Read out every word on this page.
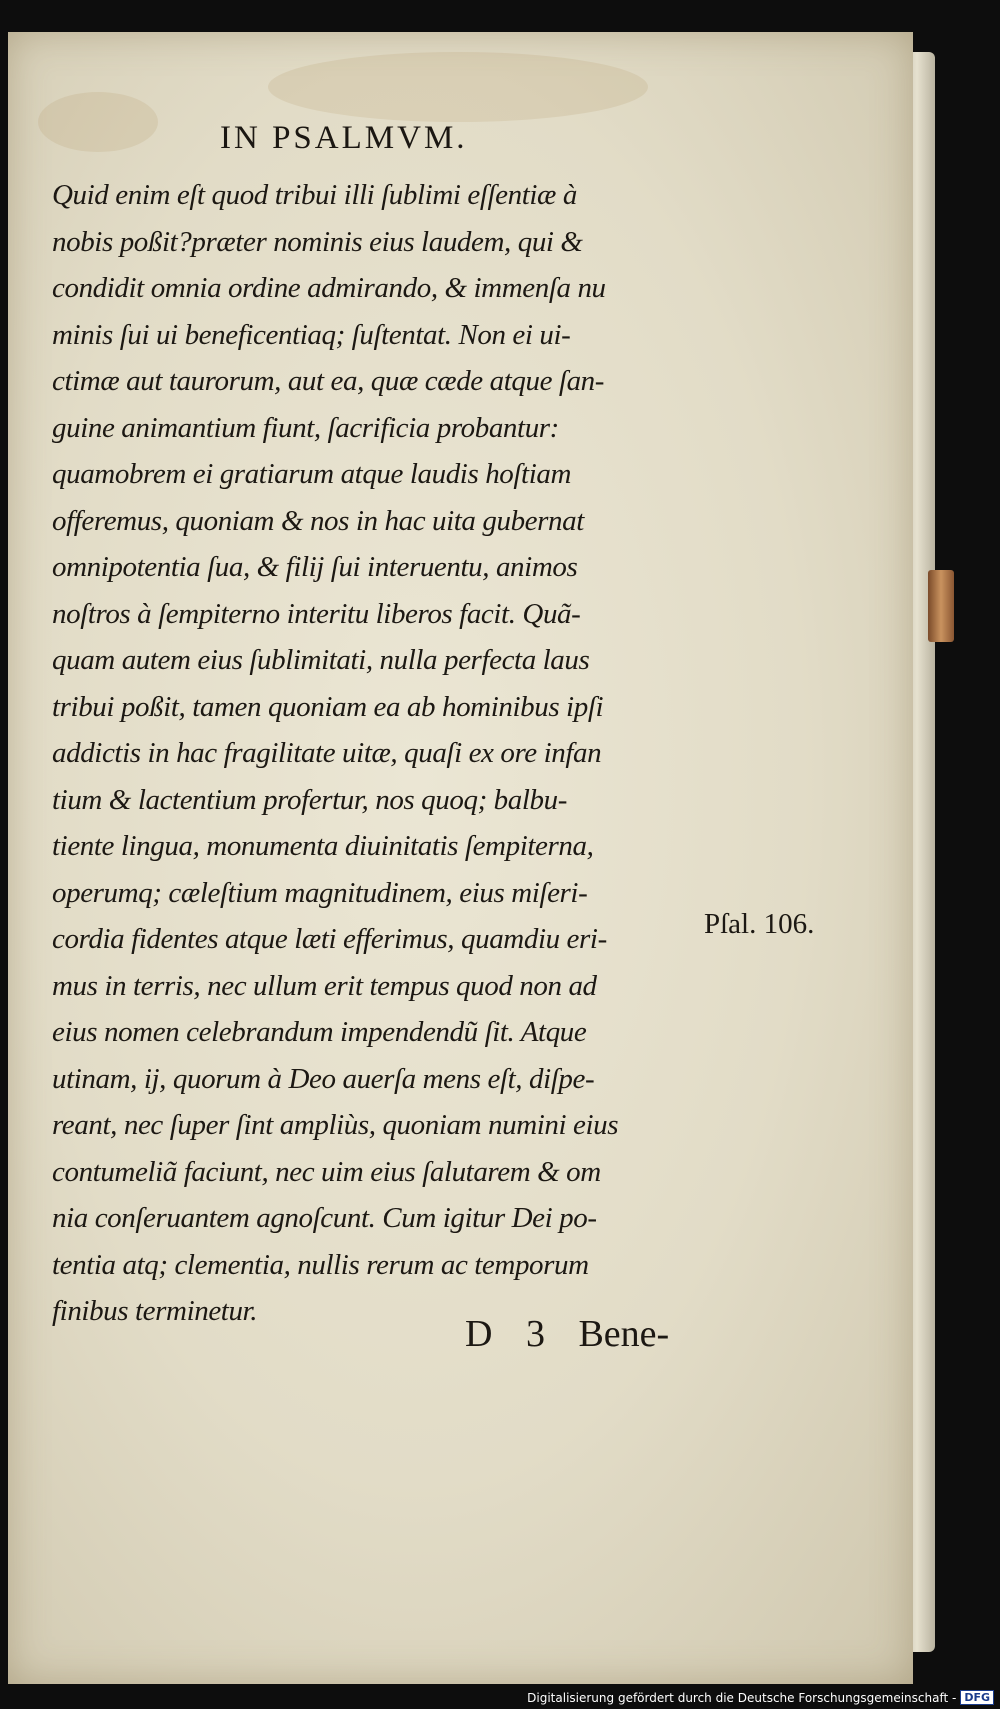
IN PSALMVM.
Quid enim eſt quod tribui illi ſublimi eſſentiæ à
nobis poßit?præter nominis eius laudem, qui &
condidit omnia ordine admirando, & immenſa nu
minis ſui ui beneficentiaq; ſuſtentat. Non ei ui-
ctimæ aut taurorum, aut ea, quæ cæde atque ſan-
guine animantium fiunt, ſacrificia probantur:
quamobrem ei gratiarum atque laudis hoſtiam
offeremus, quoniam & nos in hac uita gubernat
omnipotentia ſua, & filij ſui interuentu, animos
noſtros à ſempiterno interitu liberos facit. Quã-
quam autem eius ſublimitati, nulla perfecta laus
tribui poßit, tamen quoniam ea ab hominibus ipſi
addictis in hac fragilitate uitæ, quaſi ex ore infan
tium & lactentium profertur, nos quoq; balbu-
tiente lingua, monumenta diuinitatis ſempiterna,
operumq; cæleſtium magnitudinem, eius miſeri-
cordia fidentes atque læti efferimus, quamdiu eri-
mus in terris, nec ullum erit tempus quod non ad
eius nomen celebrandum impendendũ ſit. Atque
utinam, ij, quorum à Deo auerſa mens eſt, diſpe-
reant, nec ſuper ſint ampliùs, quoniam numini eius
contumeliã faciunt, nec uim eius ſalutarem & om
nia conſeruantem agnoſcunt. Cum igitur Dei po-
tentia atq; clementia, nullis rerum ac temporum
finibus terminetur.
Pſal. 106.
D 3 Bene-
Digitalisierung gefördert durch die Deutsche Forschungsgemeinschaft - DFG
